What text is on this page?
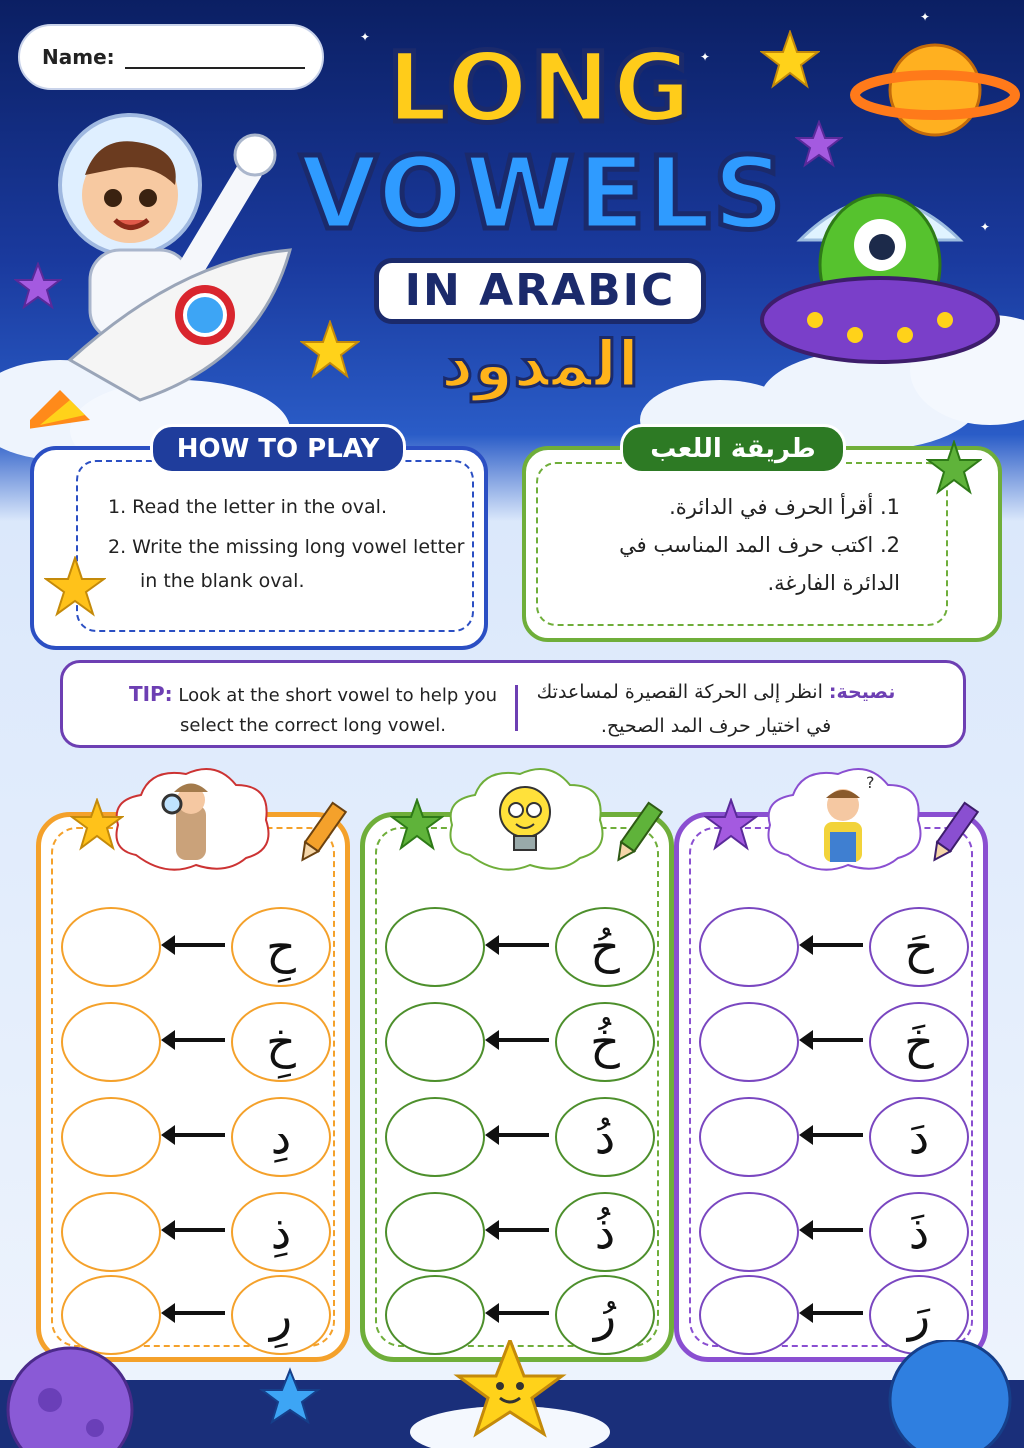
✦
✦
✦
✦
Name:	LONG
VOWELS
IN ARABIC
المدود
HOW TO PLAY
1. Read the letter in the oval.
2. Write the missing long vowel letter in the blank oval.
طريقة اللعب
1. أقرأ الحرف في الدائرة.
2. اكتب حرف المد المناسب في الدائرة الفارغة.
TIP: Look at the short vowel to help you select the correct long vowel.
نصيحة: انظر إلى الحركة القصيرة لمساعدتك في اختيار حرف المد الصحيح.
حِ
خِ
دِ
ذِ
رِ
حُ
خُ
دُ
ذُ
رُ
حَ
خَ
دَ
ذَ
رَ
?
